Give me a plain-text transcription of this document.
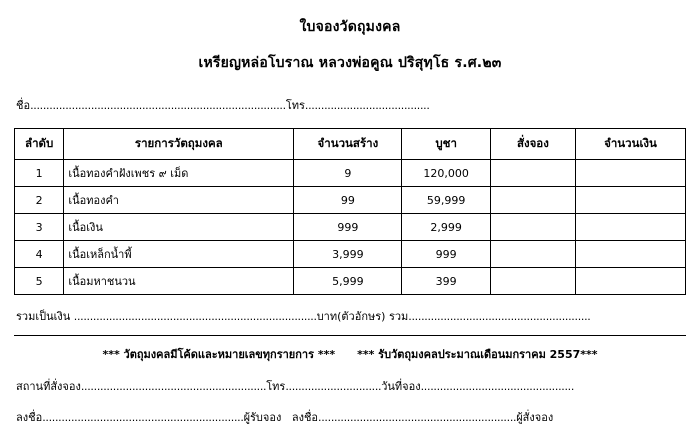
ใบจองวัดถุมงคล
เหรียญหล่อโบราณ หลวงพ่อคูณ ปริสุทฺโธ ร.ศ.๒๓
ชื่อ................................................................................โทร.......................................
ลำดับ	รายการวัตถุมงคล	จำนวนสร้าง	บูชา	สั่งจอง	จำนวนเงิน
1	เนื้อทองคำฝังเพชร ๙ เม็ด	9	120,000		
2	เนื้อทองคำ	99	59,999		
3	เนื้อเงิน	999	2,999		
4	เนื้อเหล็กน้ำพี้	3,999	999		
5	เนื้อมหาชนวน	5,999	399		
รวมเป็นเงิน ............................................................................บาท(ตัวอักษร) รวม.........................................................
*** วัตถุมงคลมีโค้ดและหมายเลขทุกรายการ *** *** รับวัตถุมงคลประมาณเดือนมกราคม 2557***
สถานที่สั่งจอง..........................................................โทร..............................วันที่จอง................................................
ลงชื่อ...............................................................ผู้รับจอง ลงชื่อ..............................................................ผู้สั่งจอง
